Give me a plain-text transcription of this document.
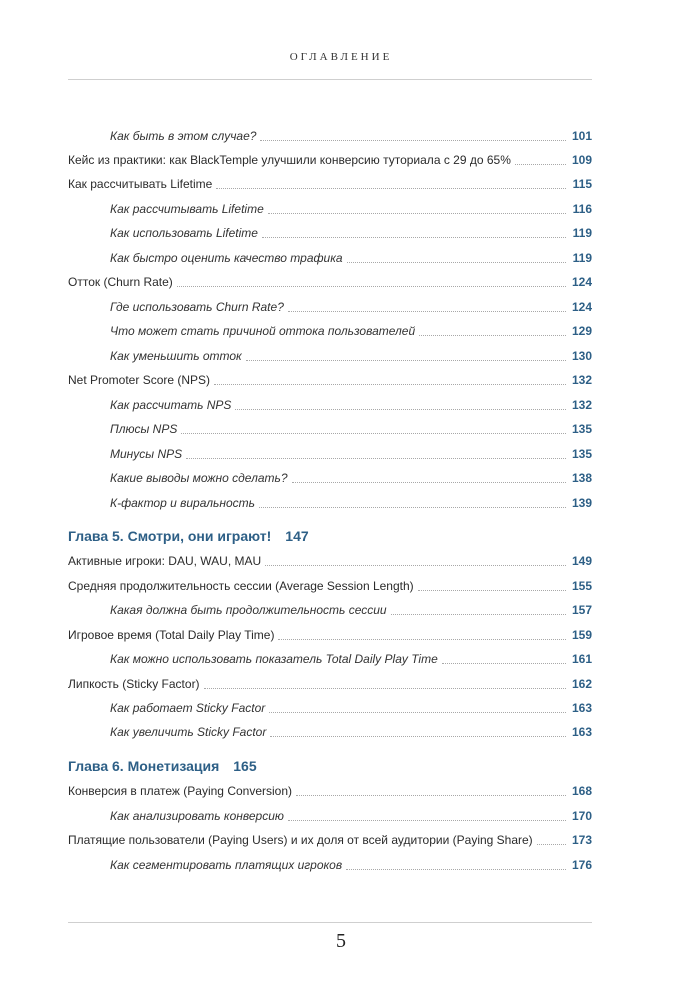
ОГЛАВЛЕНИЕ
Как быть в этом случае?	101
Кейс из практики: как BlackTemple улучшили конверсию туториала с 29 до 65%	109
Как рассчитывать Lifetime	115
Как рассчитывать Lifetime	116
Как использовать Lifetime	119
Как быстро оценить качество трафика	119
Отток (Churn Rate)	124
Где использовать Churn Rate?	124
Что может стать причиной оттока пользователей	129
Как уменьшить отток	130
Net Promoter Score (NPS)	132
Как рассчитать NPS	132
Плюсы NPS	135
Минусы NPS	135
Какие выводы можно сделать?	138
К-фактор и виральность	139
Глава 5. Смотри, они играют! 147
Активные игроки: DAU, WAU, MAU	149
Средняя продолжительность сессии (Average Session Length)	155
Какая должна быть продолжительность сессии	157
Игровое время (Total Daily Play Time)	159
Как можно использовать показатель Total Daily Play Time	161
Липкость (Sticky Factor)	162
Как работает Sticky Factor	163
Как увеличить Sticky Factor	163
Глава 6. Монетизация 165
Конверсия в платеж (Paying Conversion)	168
Как анализировать конверсию	170
Платящие пользователи (Paying Users) и их доля от всей аудитории (Paying Share)	173
Как сегментировать платящих игроков	176
5
